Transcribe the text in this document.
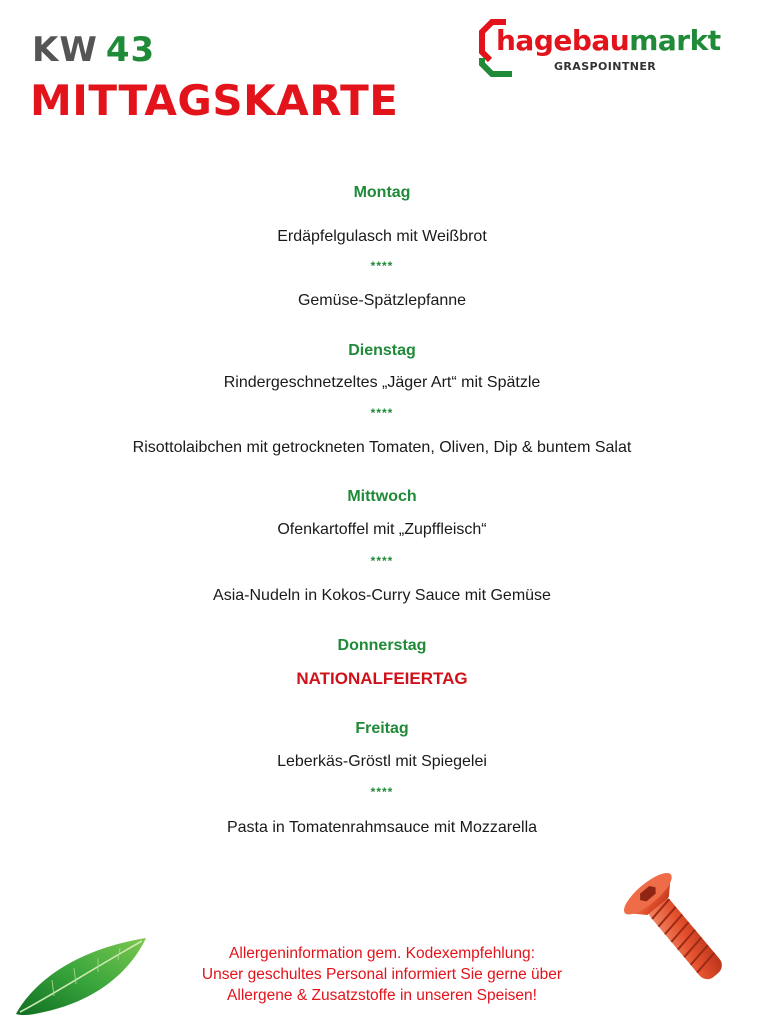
KW 43
MITTAGSKARTE
hagebaumarkt
GRASPOINTNER
Montag
Erdäpfelgulasch mit Weißbrot
****
Gemüse-Spätzlepfanne
Dienstag
Rindergeschnetzeltes „Jäger Art“ mit Spätzle
****
Risottolaibchen mit getrockneten Tomaten, Oliven, Dip & buntem Salat
Mittwoch
Ofenkartoffel mit „Zupffleisch“
****
Asia-Nudeln in Kokos-Curry Sauce mit Gemüse
Donnerstag
NATIONALFEIERTAG
Freitag
Leberkäs-Gröstl mit Spiegelei
****
Pasta in Tomatenrahmsauce mit Mozzarella
Allergeninformation gem. Kodexempfehlung:
Unser geschultes Personal informiert Sie gerne über
Allergene & Zusatzstoffe in unseren Speisen!
